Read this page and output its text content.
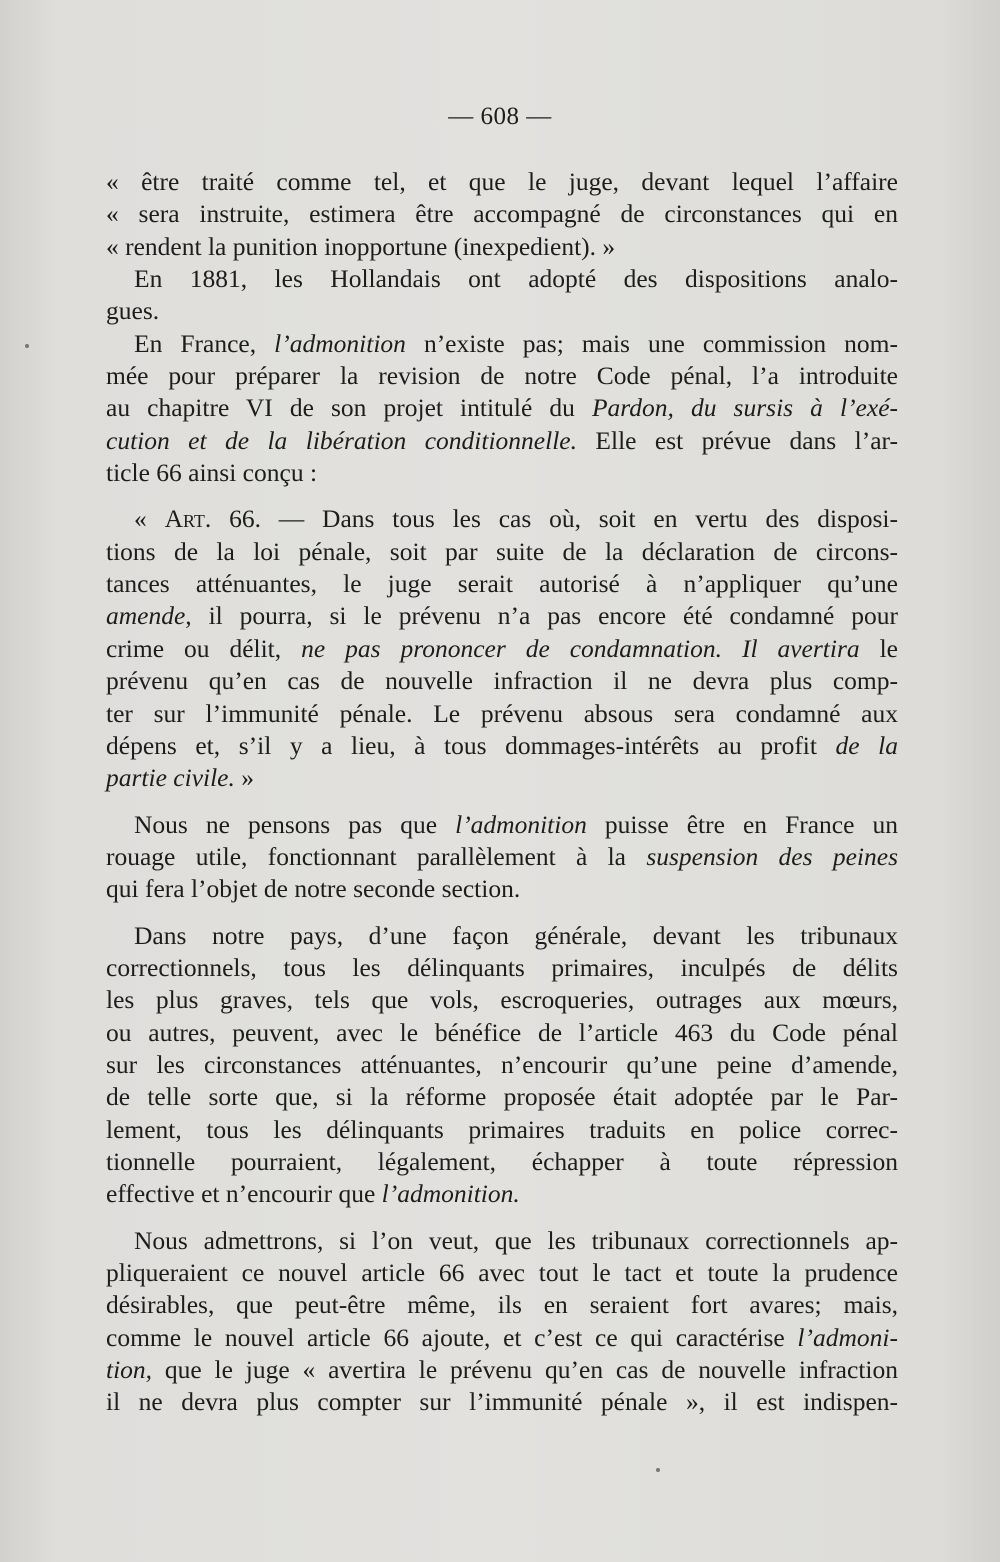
— 608 —
« être traité comme tel, et que le juge, devant lequel l’affaire
« sera instruite, estimera être accompagné de circonstances qui en
« rendent la punition inopportune (inexpedient). »
En 1881, les Hollandais ont adopté des dispositions analo-
gues.
En France, l’admonition n’existe pas; mais une commission nom-
mée pour préparer la revision de notre Code pénal, l’a introduite
au chapitre VI de son projet intitulé du Pardon, du sursis à l’exé-
cution et de la libération conditionnelle. Elle est prévue dans l’ar-
ticle 66 ainsi conçu :
« Art. 66. — Dans tous les cas où, soit en vertu des disposi-
tions de la loi pénale, soit par suite de la déclaration de circons-
tances atténuantes, le juge serait autorisé à n’appliquer qu’une
amende, il pourra, si le prévenu n’a pas encore été condamné pour
crime ou délit, ne pas prononcer de condamnation. Il avertira le
prévenu qu’en cas de nouvelle infraction il ne devra plus comp-
ter sur l’immunité pénale. Le prévenu absous sera condamné aux
dépens et, s’il y a lieu, à tous dommages-intérêts au profit de la
partie civile. »
Nous ne pensons pas que l’admonition puisse être en France un
rouage utile, fonctionnant parallèlement à la suspension des peines
qui fera l’objet de notre seconde section.
Dans notre pays, d’une façon générale, devant les tribunaux
correctionnels, tous les délinquants primaires, inculpés de délits
les plus graves, tels que vols, escroqueries, outrages aux mœurs,
ou autres, peuvent, avec le bénéfice de l’article 463 du Code pénal
sur les circonstances atténuantes, n’encourir qu’une peine d’amende,
de telle sorte que, si la réforme proposée était adoptée par le Par-
lement, tous les délinquants primaires traduits en police correc-
tionnelle pourraient, légalement, échapper à toute répression
effective et n’encourir que l’admonition.
Nous admettrons, si l’on veut, que les tribunaux correctionnels ap-
pliqueraient ce nouvel article 66 avec tout le tact et toute la prudence
désirables, que peut-être même, ils en seraient fort avares; mais,
comme le nouvel article 66 ajoute, et c’est ce qui caractérise l’admoni-
tion, que le juge « avertira le prévenu qu’en cas de nouvelle infraction
il ne devra plus compter sur l’immunité pénale », il est indispen-
